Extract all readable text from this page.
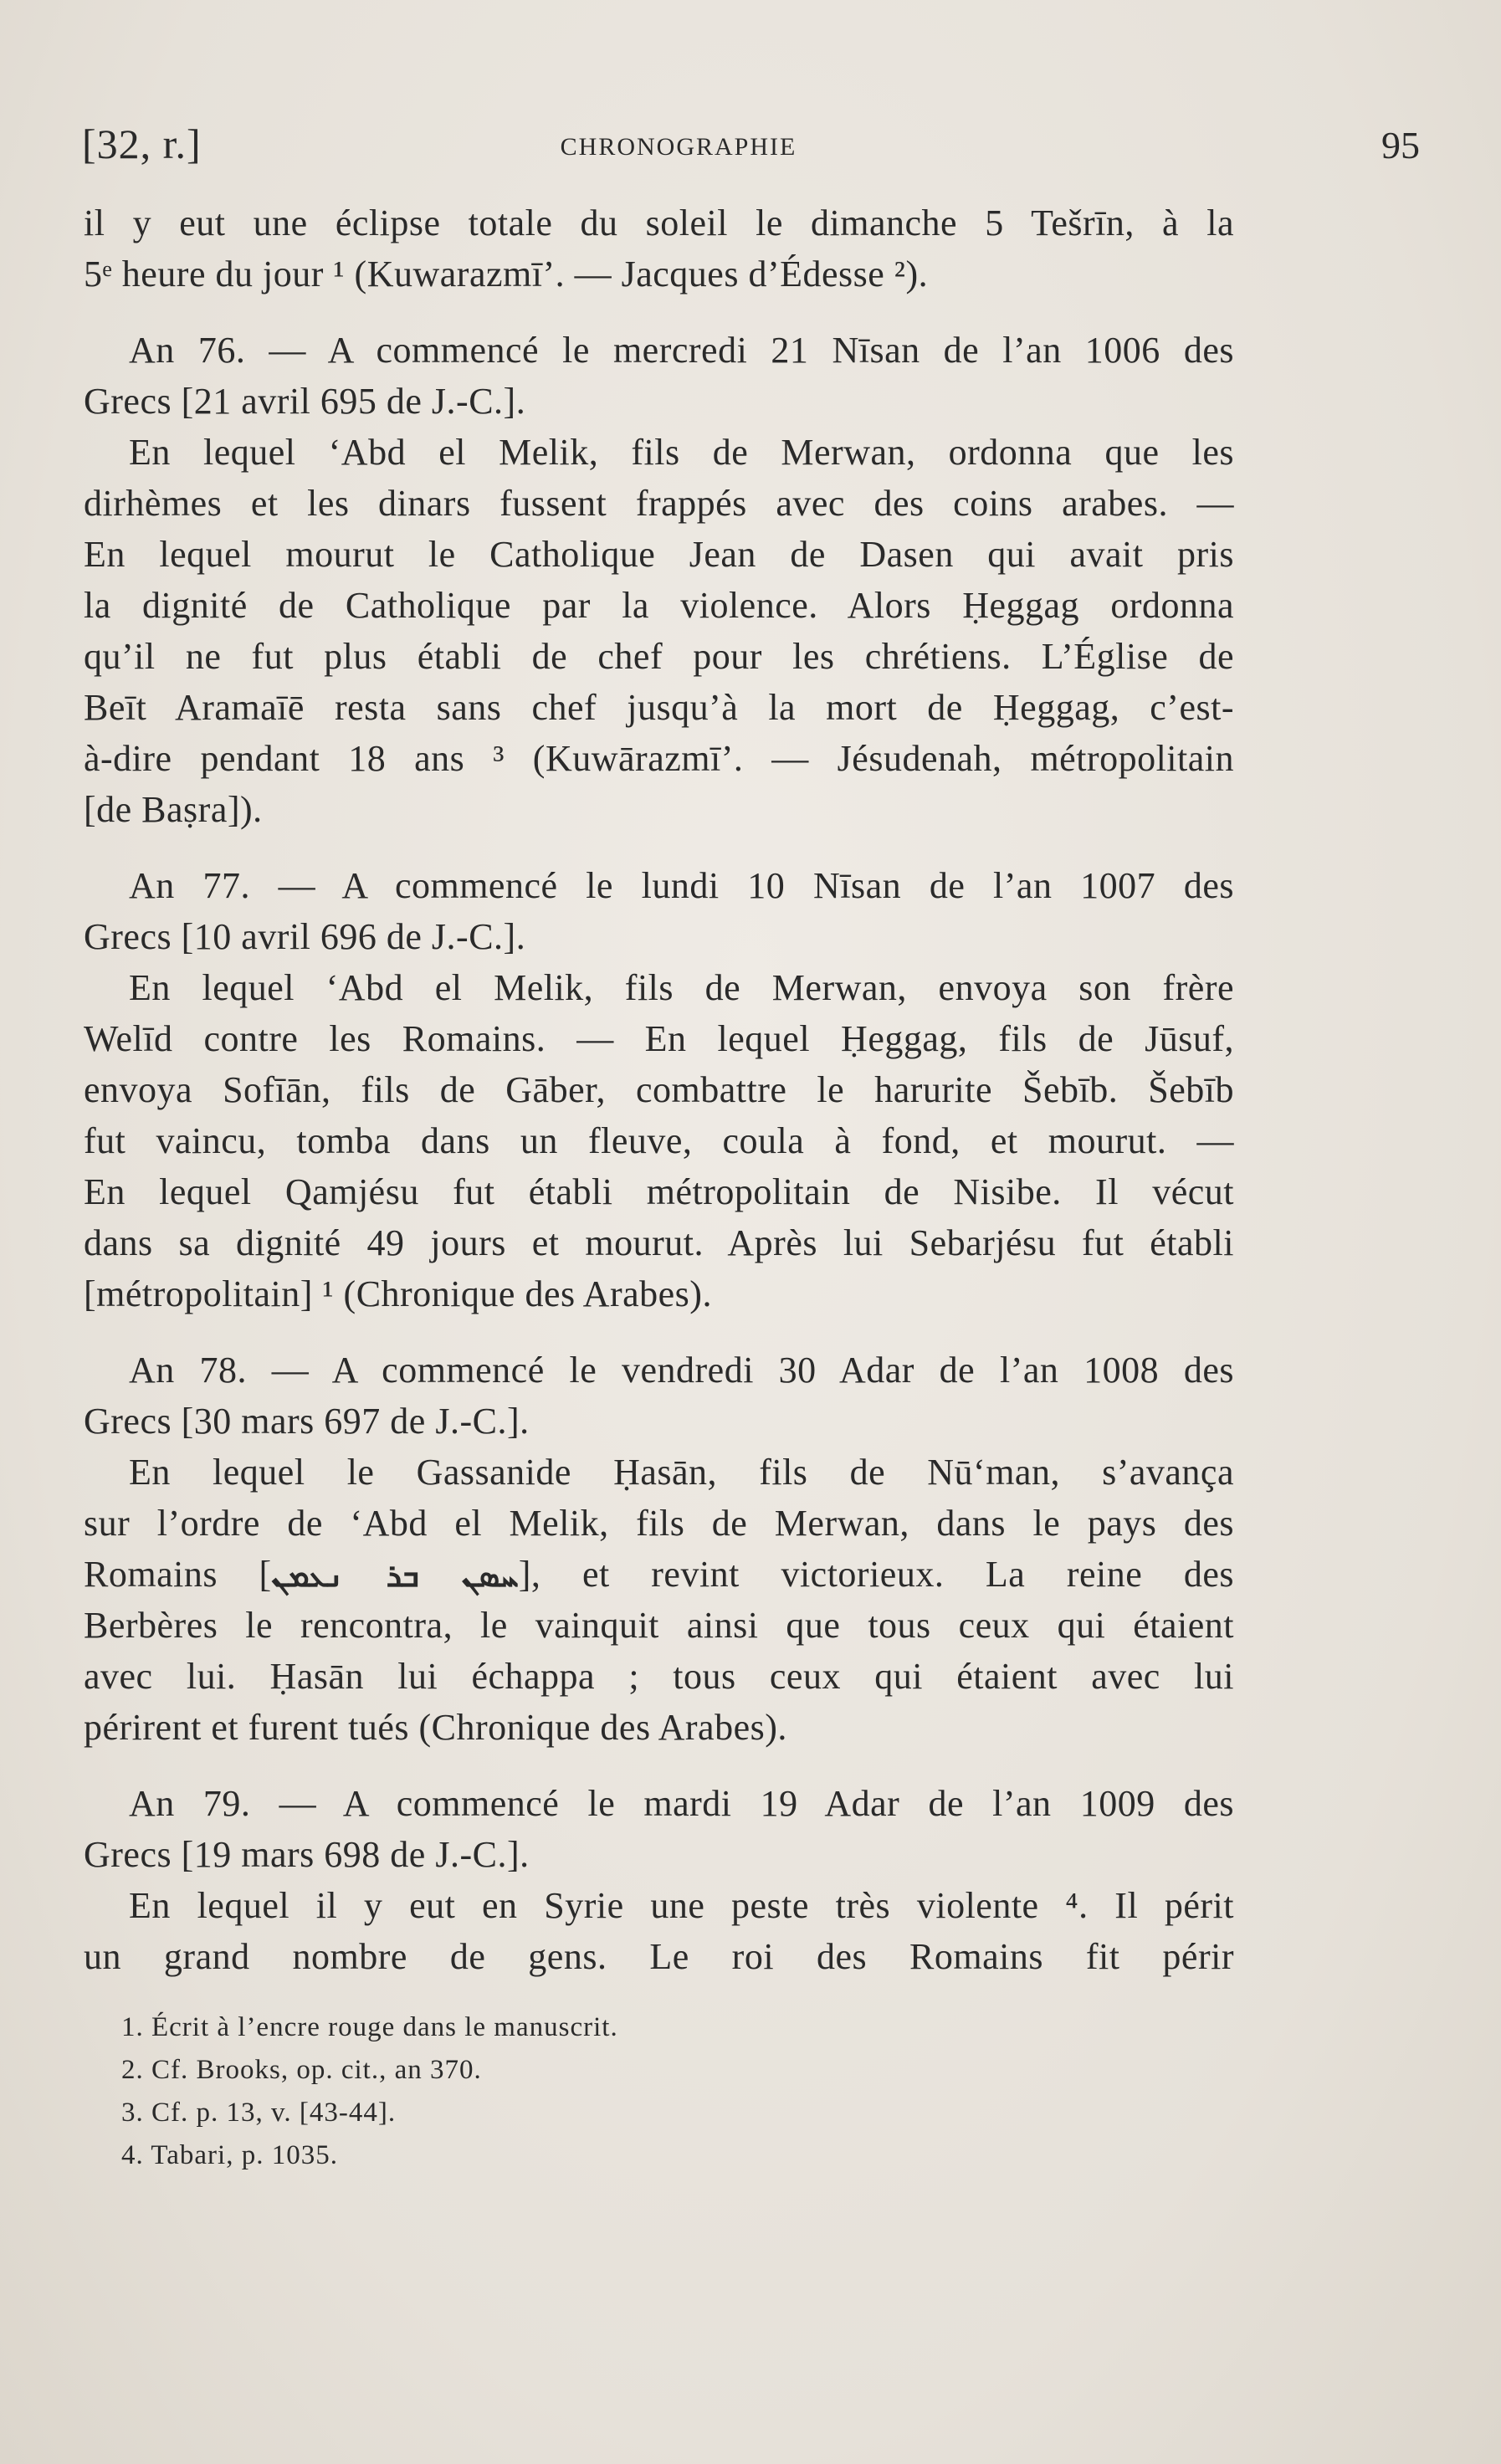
[32, r.]	CHRONOGRAPHIE	95
il y eut une éclipse totale du soleil le dimanche 5 Tešrīn, à la
5ᵉ heure du jour ¹ (Kuwarazmī’. — Jacques d’Édesse ²).
An 76. — A commencé le mercredi 21 Nīsan de l’an 1006 des
Grecs [21 avril 695 de J.-C.].
En lequel ‘Abd el Melik, fils de Merwan, ordonna que les
dirhèmes et les dinars fussent frappés avec des coins arabes. —
En lequel mourut le Catholique Jean de Dasen qui avait pris
la dignité de Catholique par la violence. Alors Ḥeggag ordonna
qu’il ne fut plus établi de chef pour les chrétiens. L’Église de
Beīt Aramaīē resta sans chef jusqu’à la mort de Ḥeggag, c’est-
à-dire pendant 18 ans ³ (Kuwārazmī’. — Jésudenah, métropolitain
[de Baṣra]).
An 77. — A commencé le lundi 10 Nīsan de l’an 1007 des
Grecs [10 avril 696 de J.-C.].
En lequel ‘Abd el Melik, fils de Merwan, envoya son frère
Welīd contre les Romains. — En lequel Ḥeggag, fils de Jūsuf,
envoya Sofīān, fils de Gāber, combattre le harurite Šebīb. Šebīb
fut vaincu, tomba dans un fleuve, coula à fond, et mourut. —
En lequel Qamjésu fut établi métropolitain de Nisibe. Il vécut
dans sa dignité 49 jours et mourut. Après lui Sebarjésu fut établi
[métropolitain] ¹ (Chronique des Arabes).
An 78. — A commencé le vendredi 30 Adar de l’an 1008 des
Grecs [30 mars 697 de J.-C.].
En lequel le Gassanide Ḥasān, fils de Nū‘man, s’avança
sur l’ordre de ‘Abd el Melik, fils de Merwan, dans le pays des
Romains [ܚܣܢ ܒܪ ܢܥܡܢ], et revint victorieux. La reine des
Berbères le rencontra, le vainquit ainsi que tous ceux qui étaient
avec lui. Ḥasān lui échappa ; tous ceux qui étaient avec lui
périrent et furent tués (Chronique des Arabes).
An 79. — A commencé le mardi 19 Adar de l’an 1009 des
Grecs [19 mars 698 de J.-C.].
En lequel il y eut en Syrie une peste très violente ⁴. Il périt
un grand nombre de gens. Le roi des Romains fit périr
1. Écrit à l’encre rouge dans le manuscrit.
2. Cf. Brooks, op. cit., an 370.
3. Cf. p. 13, v. [43-44].
4. Tabari, p. 1035.
